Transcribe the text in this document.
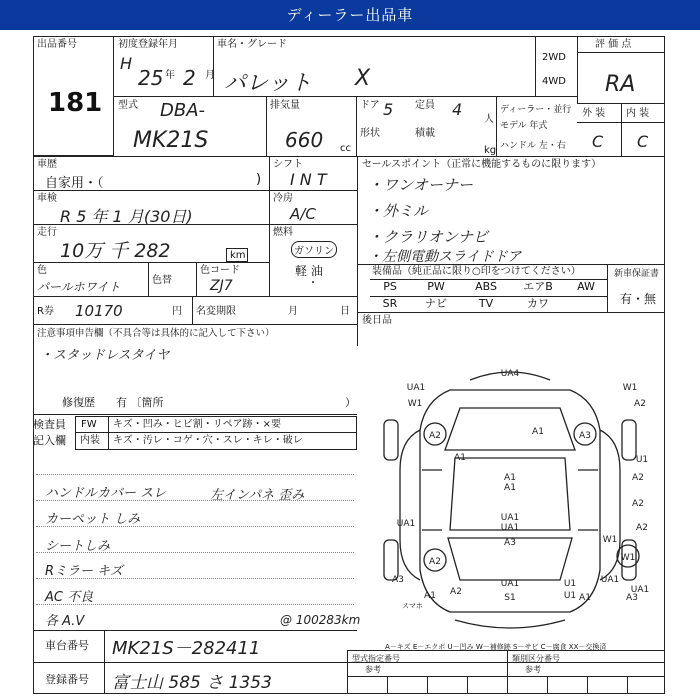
ディーラー出品車
出品番号
181
初度登録年月
H
25 2
年	月
車名・グレード
パレット X
2WD
4WD
評 価 点
RA
外 装 内 装
C C
型式 DBA-
MK21S
排気量
660 cc
ドア 5 定員 4
人
形状	積載
kg
ディーラー・並行
モデル 年式
ハンドル 左・右
車歴
自家用・（	)
車検
R 5 年 1 月(30日)
走行
10万 千 282	km
色
パールホワイト	色替
色コード
ZJ7
シフト
I N T
冷房
A/C
燃料
ガソリン
軽 油
・
セールスポイント（正常に機能するものに限ります）
・ワンオーナー
・外ミル
・クラリオンナビ
・左側電動スライドドア
装備品（純正品に限り○印をつけてください）	新車保証書
有・無
PS	PW	ABS	エアB	AW
SR	ナビ	TV	カワ
後日品
R券 10170	円 名変期限	月	日
注意事項申告欄（不具合等は具体的に記入して下さい）
・スタッドレスタイヤ
修復歴 有 〔箇所	）
検査員
記入欄
FW キズ・凹み・ヒビ割・リペア跡・×要
内装 キズ・汚レ・コゲ・穴・スレ・キレ・破レ
ハンドルカバー スレ
カーペット しみ
シートしみ
Rミラー キズ
AC 不良
各 A.V
左インパネ 歪み
@ 100283km
UA4
W1	A2
A1
A2	A3
U1
A1
A1
A2
A2
A2
UA1
A3
UA1
UA1
A3	W1
A2	W1
UA1
UA1	U1
S1
A1 A2	U1 A1	A3
UA1
UA1	W1
A1
スマホ
A－キズ E－エクボ U－凹み W－補修跡 S－サビ C－腐食 XX－交換済
車台番号 MK21S－282411
登録番号 富士山 585 さ 1353
型式指定番号
参考
類別区分番号
参考
